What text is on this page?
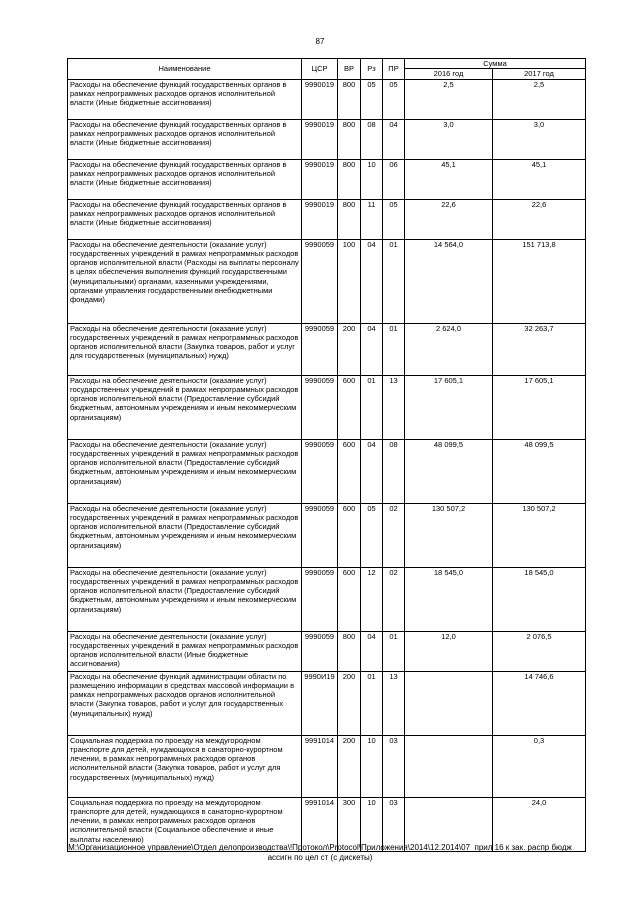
87
Наименование	ЦСР	ВР	Рз	ПР	Сумма	
					2016 год	2017 год
Расходы на обеспечение функций государственных органов в рамках непрограммных расходов органов исполнительной власти (Иные бюджетные ассигнования)	9990019	800	05	05	2,5	2,5
Расходы на обеспечение функций государственных органов в рамках непрограммных расходов органов исполнительной власти (Иные бюджетные ассигнования)	9990019	800	08	04	3,0	3,0
Расходы на обеспечение функций государственных органов в рамках непрограммных расходов органов исполнительной власти (Иные бюджетные ассигнования)	9990019	800	10	06	45,1	45,1
Расходы на обеспечение функций государственных органов в рамках непрограммных расходов органов исполнительной власти (Иные бюджетные ассигнования)	9990019	800	11	05	22,6	22,6
Расходы на обеспечение деятельности (оказание услуг) государственных учреждений в рамках непрограммных расходов органов исполнительной власти (Расходы на выплаты персоналу в целях обеспечения выполнения функций государственными (муниципальными) органами, казенными учреждениями, органами управления государственными внебюджетными фондами)	9990059	100	04	01	14 564,0	151 713,8
Расходы на обеспечение деятельности (оказание услуг) государственных учреждений в рамках непрограммных расходов органов исполнительной власти (Закупка товаров, работ и услуг для государственных (муниципальных) нужд)	9990059	200	04	01	2 624,0	32 263,7
Расходы на обеспечение деятельности (оказание услуг) государственных учреждений в рамках непрограммных расходов органов исполнительной власти (Предоставление субсидий бюджетным, автономным учреждениям и иным некоммерческим организациям)	9990059	600	01	13	17 605,1	17 605,1
Расходы на обеспечение деятельности (оказание услуг) государственных учреждений в рамках непрограммных расходов органов исполнительной власти (Предоставление субсидий бюджетным, автономным учреждениям и иным некоммерческим организациям)	9990059	600	04	08	48 099,5	48 099,5
Расходы на обеспечение деятельности (оказание услуг) государственных учреждений в рамках непрограммных расходов органов исполнительной власти (Предоставление субсидий бюджетным, автономным учреждениям и иным некоммерческим организациям)	9990059	600	05	02	130 507,2	130 507,2
Расходы на обеспечение деятельности (оказание услуг) государственных учреждений в рамках непрограммных расходов органов исполнительной власти (Предоставление субсидий бюджетным, автономным учреждениям и иным некоммерческим организациям)	9990059	600	12	02	18 545,0	18 545,0
Расходы на обеспечение деятельности (оказание услуг) государственных учреждений в рамках непрограммных расходов органов исполнительной власти (Иные бюджетные ассигнования)	9990059	800	04	01	12,0	2 076,5
Расходы на обеспечение функций администрации области по размещению информации в средствах массовой информации в рамках непрограммных расходов органов исполнительной власти (Закупка товаров, работ и услуг для государственных (муниципальных) нужд)	9990И19	200	01	13		14 746,6
Социальная поддержка по проезду на междугородном транспорте для детей, нуждающихся в санаторно-курортном лечении, в рамках непрограммных расходов органов исполнительной власти (Закупка товаров, работ и услуг для государственных (муниципальных) нужд)	9991014	200	10	03		0,3
Социальная поддержка по проезду на междугородном транспорте для детей, нуждающихся в санаторно-курортном лечении, в рамках непрограммных расходов органов исполнительной власти (Социальное обеспечение и иные выплаты населению)	9991014	300	10	03		24,0
M:\Организационное управление\Отдел делопроизводства\!Протокол\Protocol\Приложения\2014\12.2014\07_прил 16 к зак. распр бюдж ассигн по цел ст (с дискеты)
